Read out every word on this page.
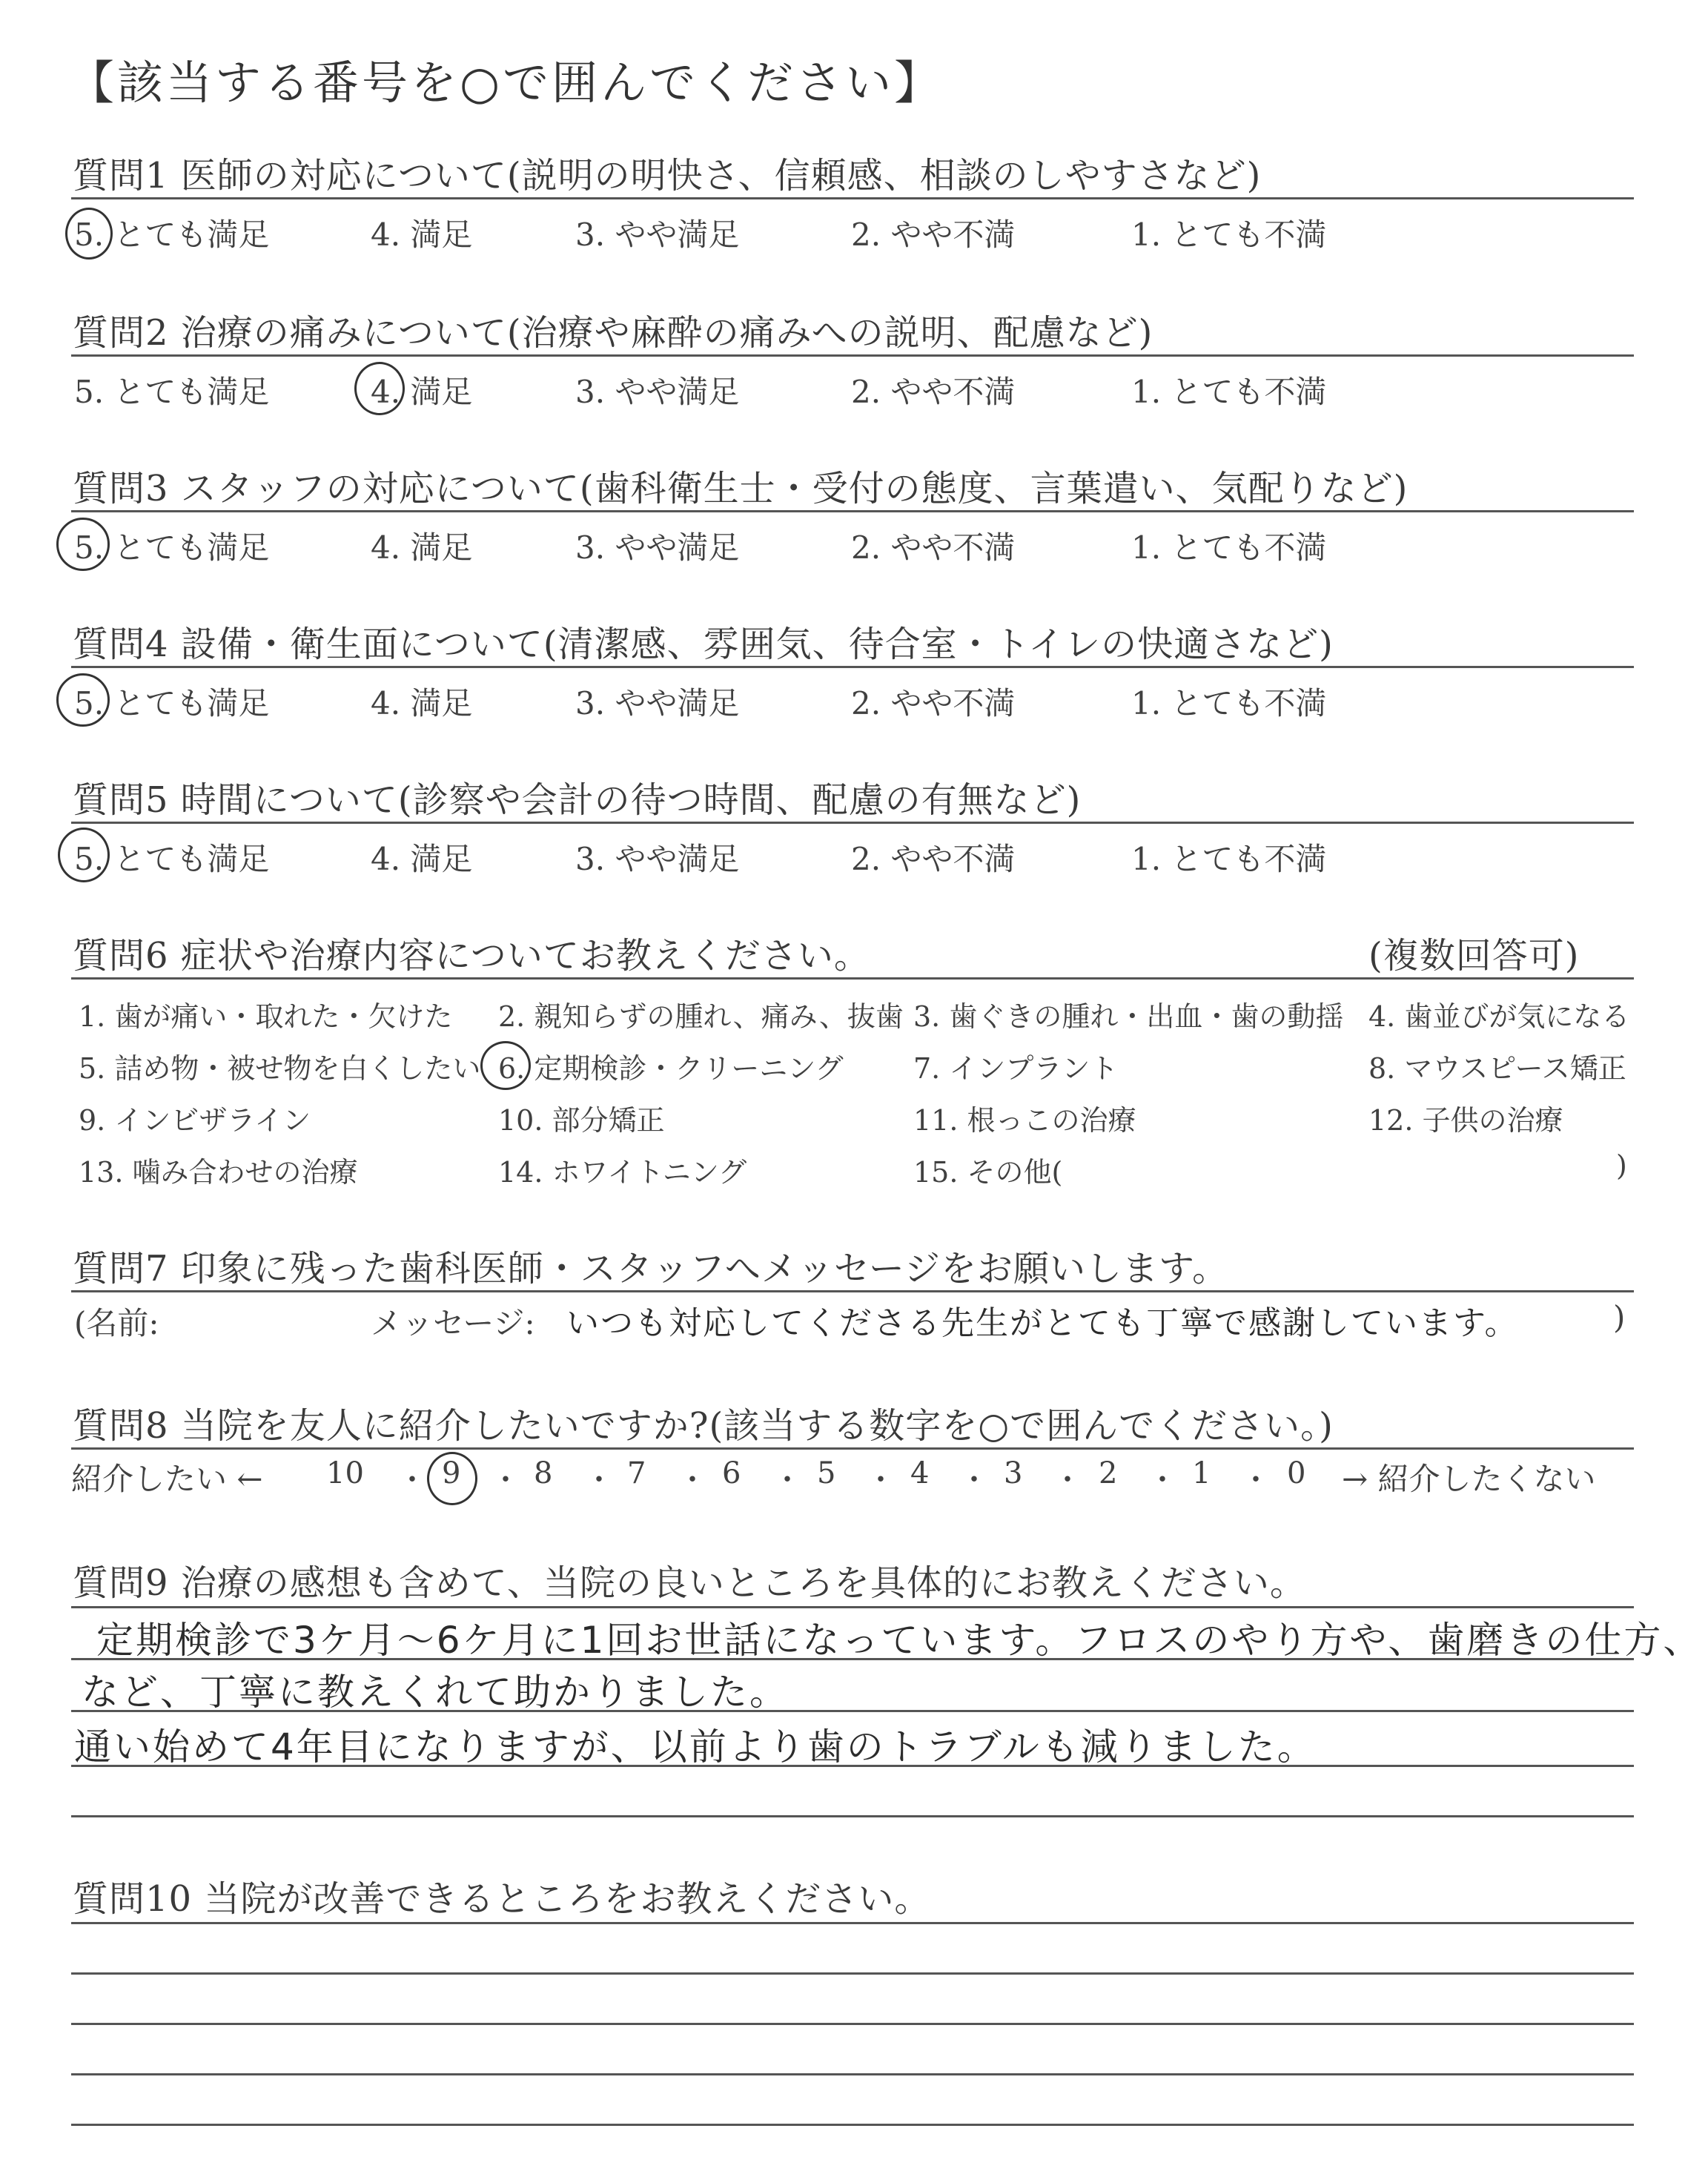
【該当する番号を○で囲んでください】
質問1 医師の対応について(説明の明快さ、信頼感、相談のしやすさなど)
5. とても満足	4. 満足	3. やや満足	2. やや不満	1. とても不満
質問2 治療の痛みについて(治療や麻酔の痛みへの説明、配慮など)
5. とても満足	4. 満足	3. やや満足	2. やや不満	1. とても不満
質問3 スタッフの対応について(歯科衛生士・受付の態度、言葉遣い、気配りなど)
5. とても満足	4. 満足	3. やや満足	2. やや不満	1. とても不満
質問4 設備・衛生面について(清潔感、雰囲気、待合室・トイレの快適さなど)
5. とても満足	4. 満足	3. やや満足	2. やや不満	1. とても不満
質問5 時間について(診察や会計の待つ時間、配慮の有無など)
5. とても満足	4. 満足	3. やや満足	2. やや不満	1. とても不満
質問6 症状や治療内容についてお教えください。	(複数回答可)
1. 歯が痛い・取れた・欠けた 2. 親知らずの腫れ、痛み、抜歯 3. 歯ぐきの腫れ・出血・歯の動揺 4. 歯並びが気になる
5. 詰め物・被せ物を白くしたい 6. 定期検診・クリーニング 7. インプラント	8. マウスピース矯正
9. インビザライン	10. 部分矯正	11. 根っこの治療	12. 子供の治療
13. 噛み合わせの治療	14. ホワイトニング	15. その他(	)
質問7 印象に残った歯科医師・スタッフへメッセージをお願いします。
(名前:	メッセージ: いつも対応してくださる先生がとても丁寧で感謝しています。	)
質問8 当院を友人に紹介したいですか?(該当する数字を○で囲んでください。)
紹介したい ← 10 ・ 9 ・ 8 ・ 7 ・ 6 ・ 5 ・ 4 ・ 3 ・ 2 ・ 1 ・ 0 → 紹介したくない
質問9 治療の感想も含めて、当院の良いところを具体的にお教えください。
定期検診で3ケ月～6ケ月に1回お世話になっています。フロスのやり方や、歯磨きの仕方、
など、丁寧に教えくれて助かりました。
通い始めて4年目になりますが、以前より歯のトラブルも減りました。
質問10 当院が改善できるところをお教えください。
